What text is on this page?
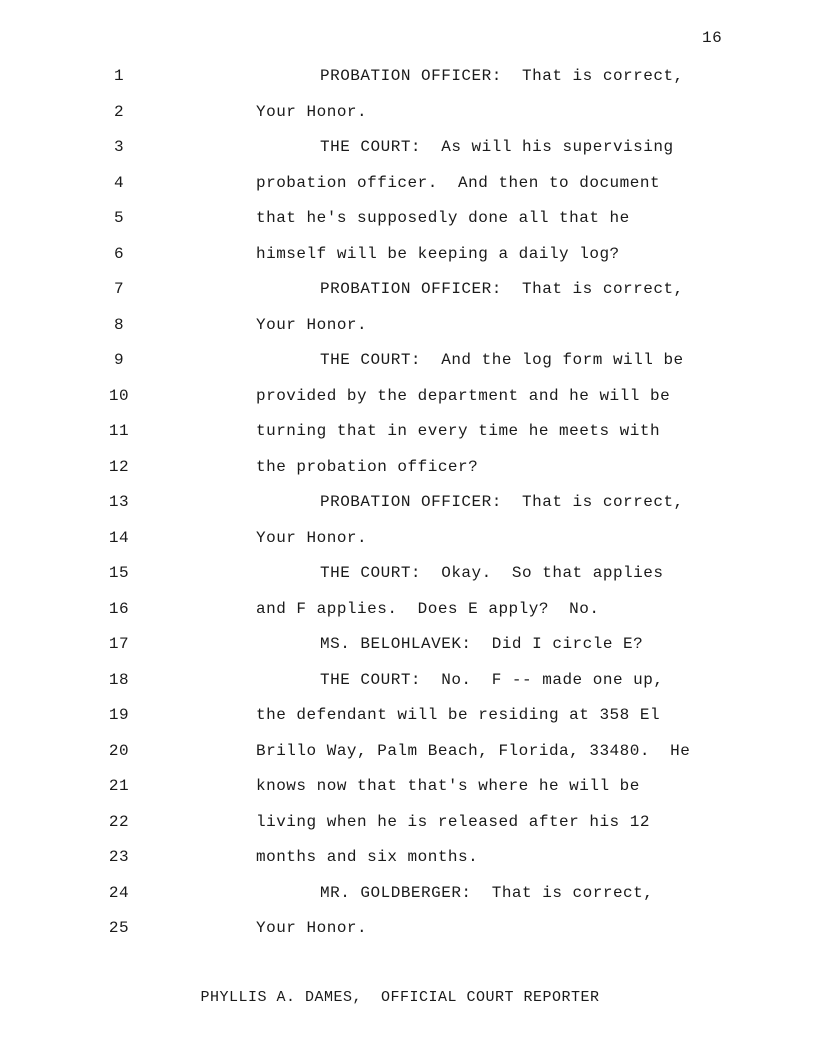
16
1	PROBATION OFFICER:  That is correct,
2	Your Honor.
3	THE COURT:  As will his supervising
4	probation officer.  And then to document
5	that he's supposedly done all that he
6	himself will be keeping a daily log?
7	PROBATION OFFICER:  That is correct,
8	Your Honor.
9	THE COURT:  And the log form will be
10	provided by the department and he will be
11	turning that in every time he meets with
12	the probation officer?
13	PROBATION OFFICER:  That is correct,
14	Your Honor.
15	THE COURT:  Okay.  So that applies
16	and F applies.  Does E apply?  No.
17	MS. BELOHLAVEK:  Did I circle E?
18	THE COURT:  No.  F -- made one up,
19	the defendant will be residing at 358 El
20	Brillo Way, Palm Beach, Florida, 33480.  He
21	knows now that that's where he will be
22	living when he is released after his 12
23	months and six months.
24	MR. GOLDBERGER:  That is correct,
25	Your Honor.
PHYLLIS A. DAMES,  OFFICIAL COURT REPORTER
